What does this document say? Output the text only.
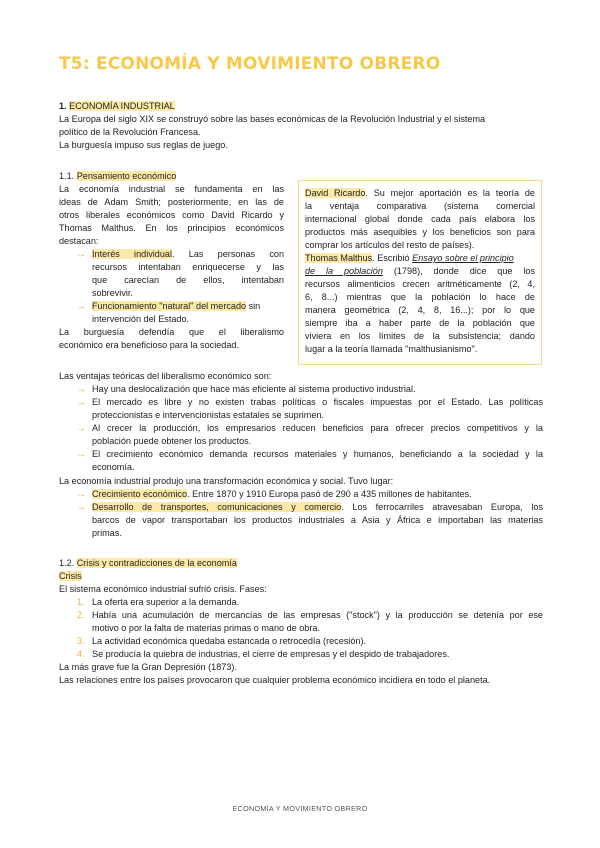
T5: ECONOMÍA Y MOVIMIENTO OBRERO
1. ECONOMÍA INDUSTRIAL
La Europa del siglo XIX se construyó sobre las bases económicas de la Revolución Industrial y el sistema
político de la Revolución Francesa.
La burguesía impuso sus reglas de juego.
1.1. Pensamiento económico
La economía industrial se fundamenta en las
ideas de Adam Smith; posteriormente, en las de
otros liberales económicos como David Ricardo y
Thomas Malthus. En los principios económicos
destacan:
→ Interés individual. Las personas con
recursos intentaban enriquecerse y las
que carecían de ellos, intentaban
sobrevivir.
→ Funcionamiento "natural" del mercado sin
intervención del Estado.
La burguesía defendía que el liberalismo
económico era beneficioso para la sociedad.
David Ricardo. Su mejor aportación es la teoría de
la ventaja comparativa (sistema comercial
internacional global donde cada país elabora los
productos más asequibles y los beneficios son para
comprar los artículos del resto de países).
Thomas Malthus. Escribió Ensayo sobre el principio
de la población (1798), donde dice que los
recursos alimenticios crecen aritméticamente (2, 4,
6, 8...) mientras que la población lo hace de
manera geométrica (2, 4, 8, 16...); por lo que
siempre iba a haber parte de la población que
viviera en los límites de la subsistencia; dando
lugar a la teoría llamada "malthusianismo".
Las ventajas teóricas del liberalismo económico son:
→ Hay una deslocalización que hace más eficiente al sistema productivo industrial.
→ El mercado es libre y no existen trabas políticas o fiscales impuestas por el Estado. Las políticas
proteccionistas e intervencionistas estatales se suprimen.
→ Al crecer la producción, los empresarios reducen beneficios para ofrecer precios competitivos y la
población puede obtener los productos.
→ El crecimiento económico demanda recursos materiales y humanos, beneficiando a la sociedad y la
economía.
La economía industrial produjo una transformación económica y social. Tuvo lugar:
→ Crecimiento económico. Entre 1870 y 1910 Europa pasó de 290 a 435 millones de habitantes.
→ Desarrollo de transportes, comunicaciones y comercio. Los ferrocarriles atravesaban Europa, los
barcos de vapor transportaban los productos industriales a Asia y África e importaban las materias
primas.
1.2. Crisis y contradicciones de la economía
Crisis
El sistema económico industrial sufrió crisis. Fases:
1. La oferta era superior a la demanda.
2. Había una acumulación de mercancías de las empresas ("stock") y la producción se detenía por ese
motivo o por la falta de materias primas o mano de obra.
3. La actividad económica quedaba estancada o retrocedía (recesión).
4. Se producía la quiebra de industrias, el cierre de empresas y el despido de trabajadores.
La más grave fue la Gran Depresión (1873).
Las relaciones entre los países provocaron que cualquier problema económico incidiera en todo el planeta.
ECONOMÍA Y MOVIMIENTO OBRERO
